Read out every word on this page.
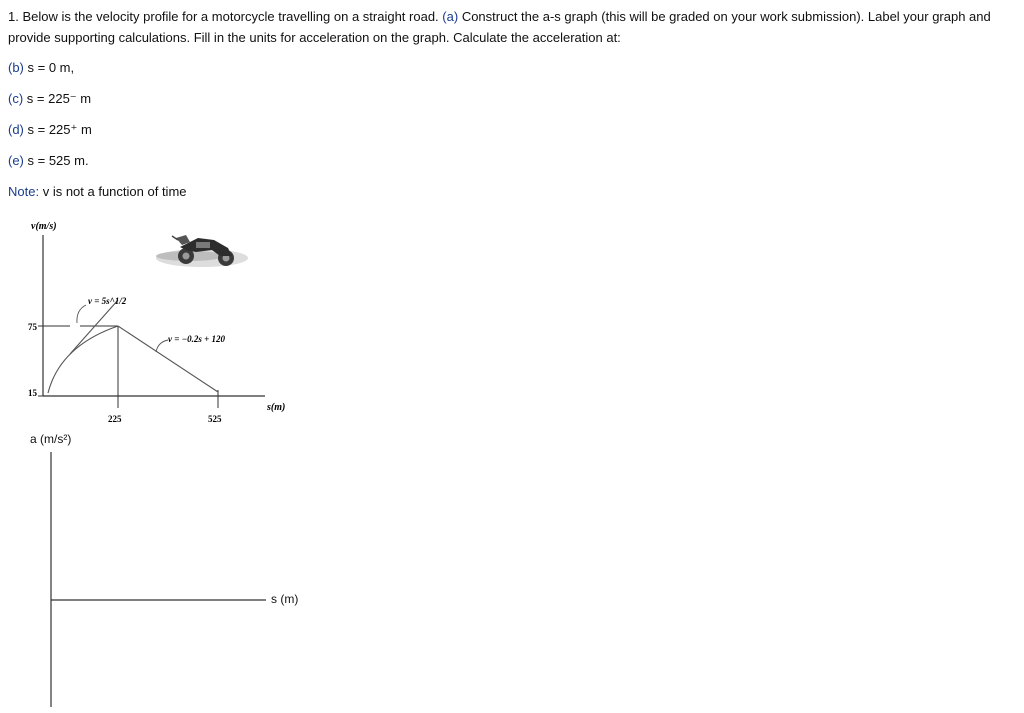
1. Below is the velocity profile for a motorcycle travelling on a straight road. (a) Construct the a-s graph (this will be graded on your work submission). Label your graph and provide supporting calculations. Fill in the units for acceleration on the graph. Calculate the acceleration at:
(b) s = 0 m,
(c) s = 225⁻ m
(d) s = 225⁺ m
(e) s = 525 m.
Note: v is not a function of time
v(m/s)
s(m)
75
15
225	525
v = 5s^1/2
v = −0.2s + 120
a (m/s²)
s (m)
